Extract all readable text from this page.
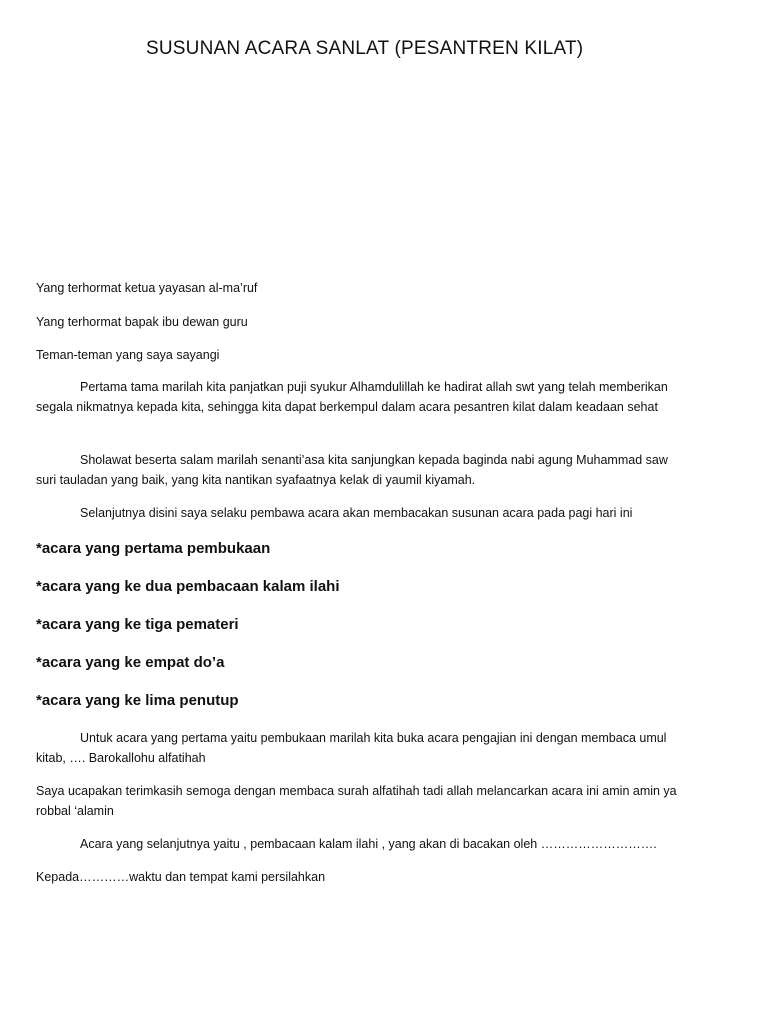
SUSUNAN ACARA SANLAT (PESANTREN KILAT)
Yang terhormat ketua yayasan al-ma’ruf
Yang terhormat bapak ibu dewan guru
Teman-teman yang saya sayangi
Pertama tama marilah kita panjatkan puji syukur Alhamdulillah ke hadirat allah swt yang telah memberikan segala nikmatnya kepada kita, sehingga kita dapat berkempul dalam acara pesantren kilat dalam keadaan sehat
Sholawat beserta salam marilah senanti’asa kita sanjungkan kepada baginda nabi agung Muhammad saw suri tauladan yang baik, yang kita nantikan syafaatnya kelak di yaumil kiyamah.
Selanjutnya disini saya selaku pembawa acara akan membacakan susunan acara pada pagi hari ini
*acara yang pertama pembukaan
*acara yang ke dua pembacaan kalam ilahi
*acara yang ke tiga pemateri
*acara yang ke empat do’a
*acara yang ke lima penutup
Untuk acara yang pertama yaitu pembukaan marilah kita buka acara pengajian ini dengan membaca umul kitab, …. Barokallohu alfatihah
Saya ucapakan terimkasih semoga dengan membaca surah alfatihah tadi allah melancarkan acara ini amin amin ya robbal ‘alamin
Acara yang selanjutnya yaitu , pembacaan kalam ilahi , yang akan di bacakan oleh ……………………….
Kepada…………waktu dan tempat kami persilahkan
